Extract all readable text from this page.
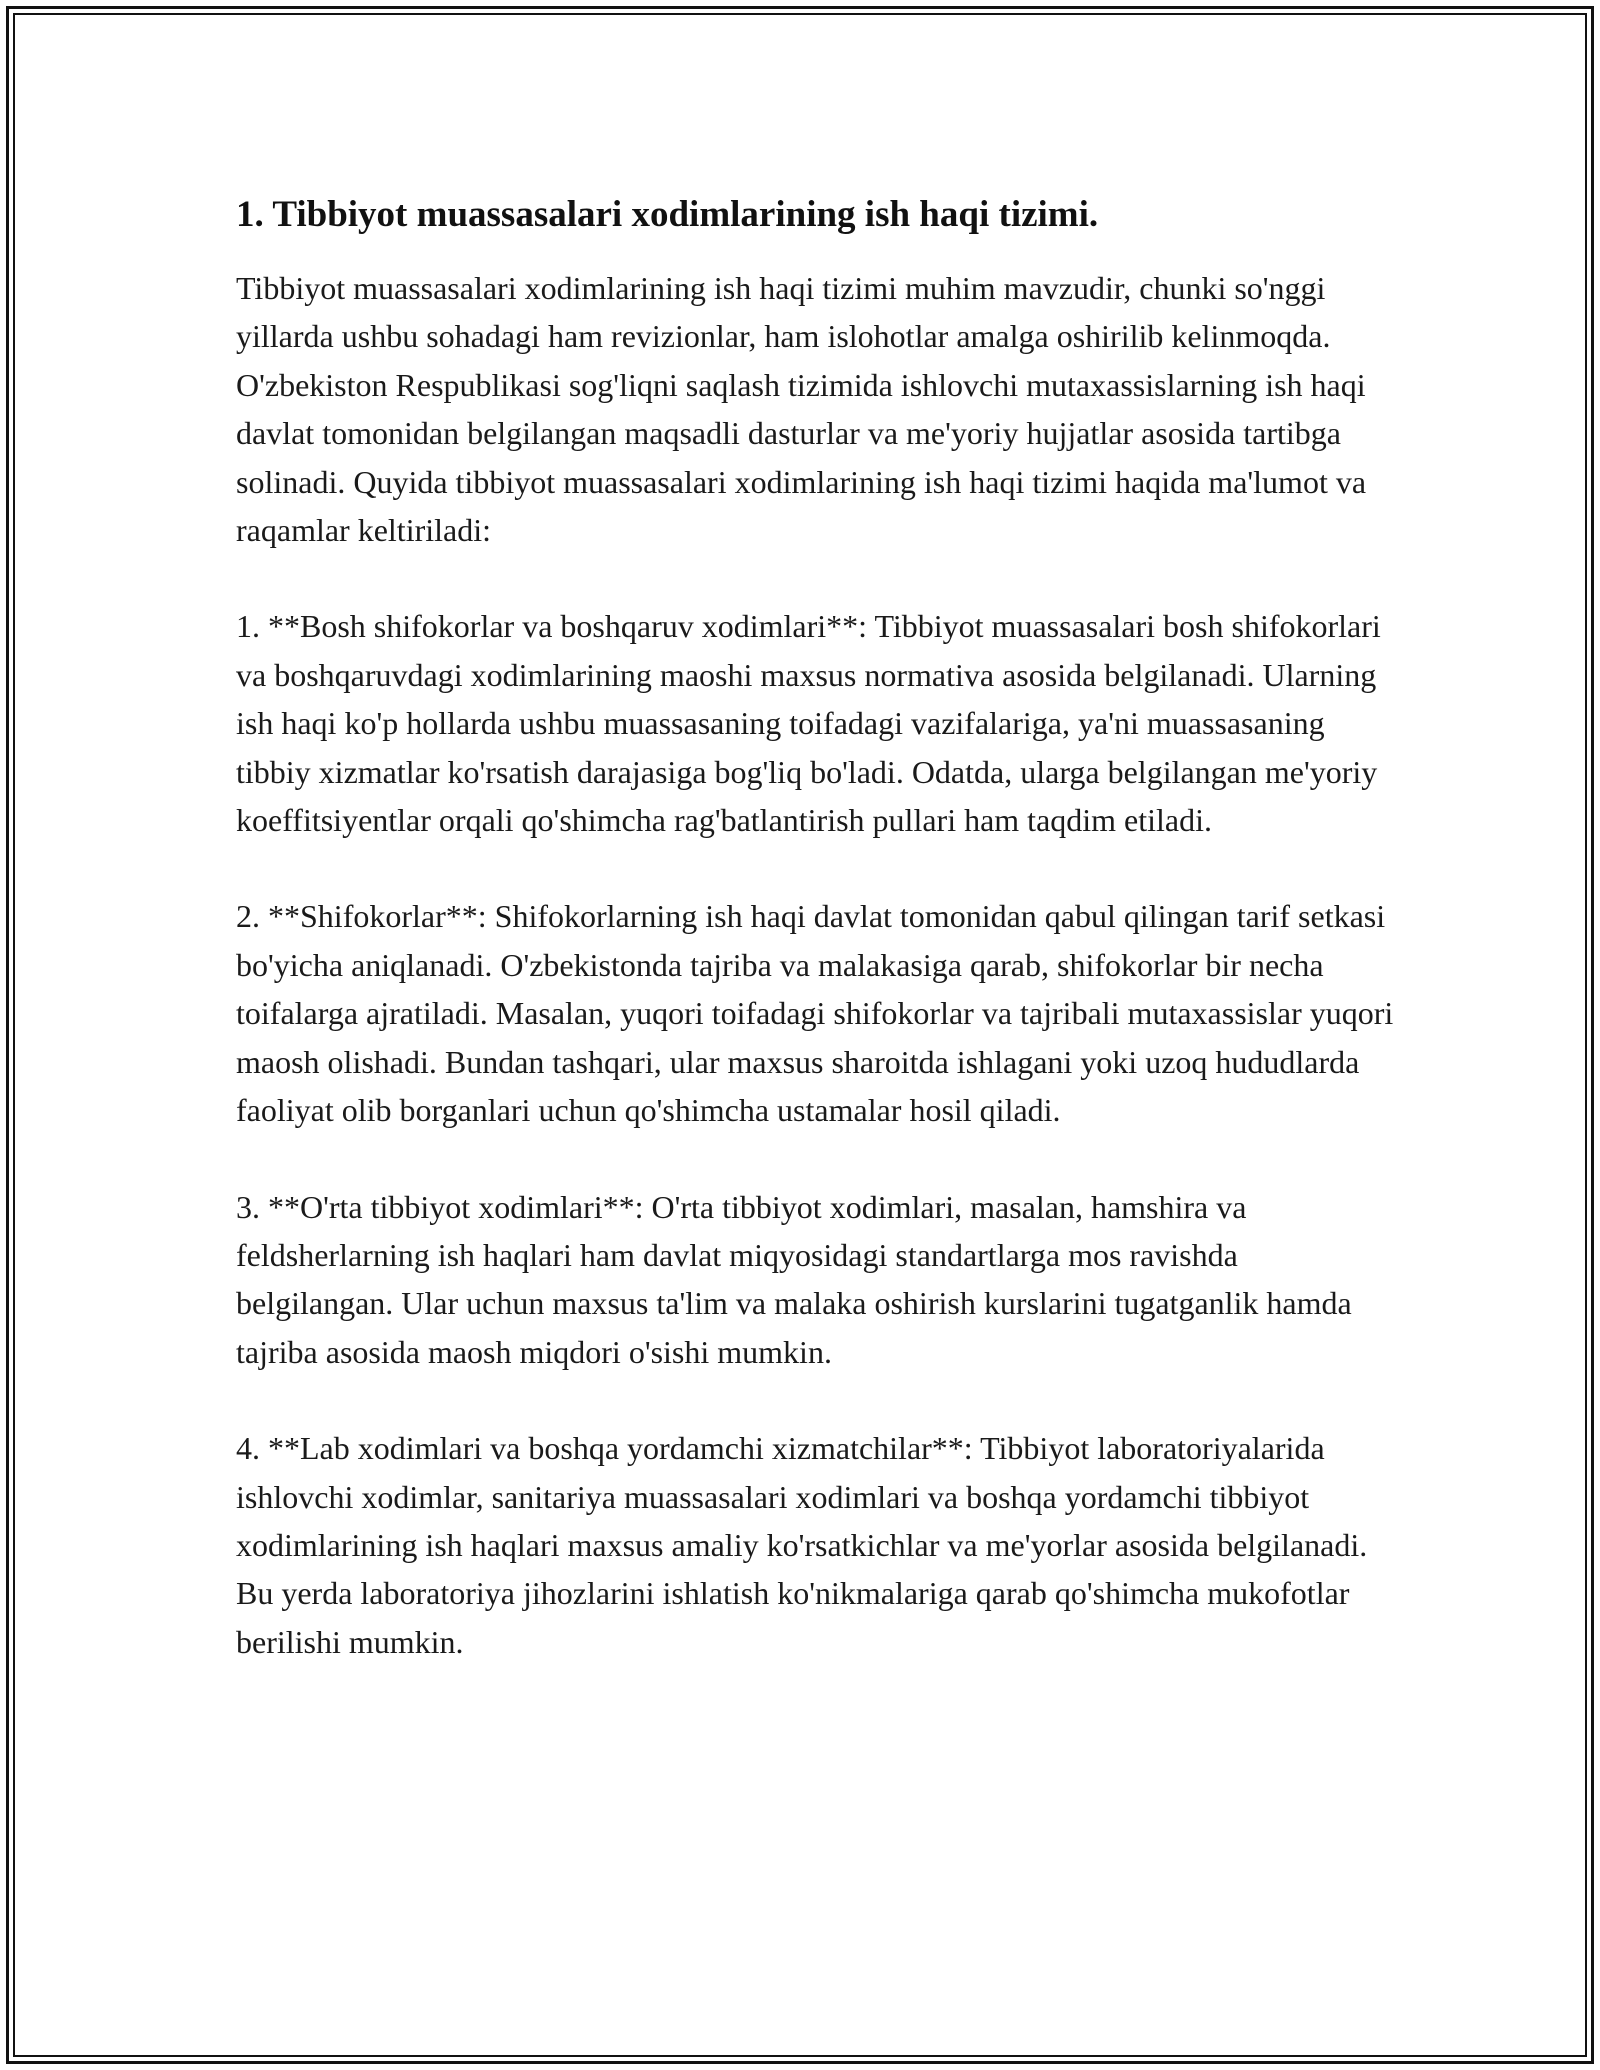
1. Tibbiyot muassasalari xodimlarining ish haqi tizimi.

Tibbiyot muassasalari xodimlarining ish haqi tizimi muhim mavzudir, chunki so'nggi yillarda ushbu sohadagi ham revizionlar, ham islohotlar amalga oshirilib kelinmoqda. O'zbekiston Respublikasi sog'liqni saqlash tizimida ishlovchi mutaxassislarning ish haqi davlat tomonidan belgilangan maqsadli dasturlar va me'yoriy hujjatlar asosida tartibga solinadi. Quyida tibbiyot muassasalari xodimlarining ish haqi tizimi haqida ma'lumot va raqamlar keltiriladi:

1. **Bosh shifokorlar va boshqaruv xodimlari**: Tibbiyot muassasalari bosh shifokorlari va boshqaruvdagi xodimlarining maoshi maxsus normativa asosida belgilanadi. Ularning ish haqi ko'p hollarda ushbu muassasaning toifadagi vazifalariga, ya'ni muassasaning tibbiy xizmatlar ko'rsatish darajasiga bog'liq bo'ladi. Odatda, ularga belgilangan me'yoriy koeffitsiyentlar orqali qo'shimcha rag'batlantirish pullari ham taqdim etiladi.

2. **Shifokorlar**: Shifokorlarning ish haqi davlat tomonidan qabul qilingan tarif setkasi bo'yicha aniqlanadi. O'zbekistonda tajriba va malakasiga qarab, shifokorlar bir necha toifalarga ajratiladi. Masalan, yuqori toifadagi shifokorlar va tajribali mutaxassislar yuqori maosh olishadi. Bundan tashqari, ular maxsus sharoitda ishlagani yoki uzoq hududlarda faoliyat olib borganlari uchun qo'shimcha ustamalar hosil qiladi.

3. **O'rta tibbiyot xodimlari**: O'rta tibbiyot xodimlari, masalan, hamshira va feldsherlarning ish haqlari ham davlat miqyosidagi standartlarga mos ravishda belgilangan. Ular uchun maxsus ta'lim va malaka oshirish kurslarini tugatganlik hamda tajriba asosida maosh miqdori o'sishi mumkin.

4. **Lab xodimlari va boshqa yordamchi xizmatchilar**: Tibbiyot laboratoriyalarida ishlovchi xodimlar, sanitariya muassasalari xodimlari va boshqa yordamchi tibbiyot xodimlarining ish haqlari maxsus amaliy ko'rsatkichlar va me'yorlar asosida belgilanadi. Bu yerda laboratoriya jihozlarini ishlatish ko'nikmalariga qarab qo'shimcha mukofotlar berilishi mumkin.
